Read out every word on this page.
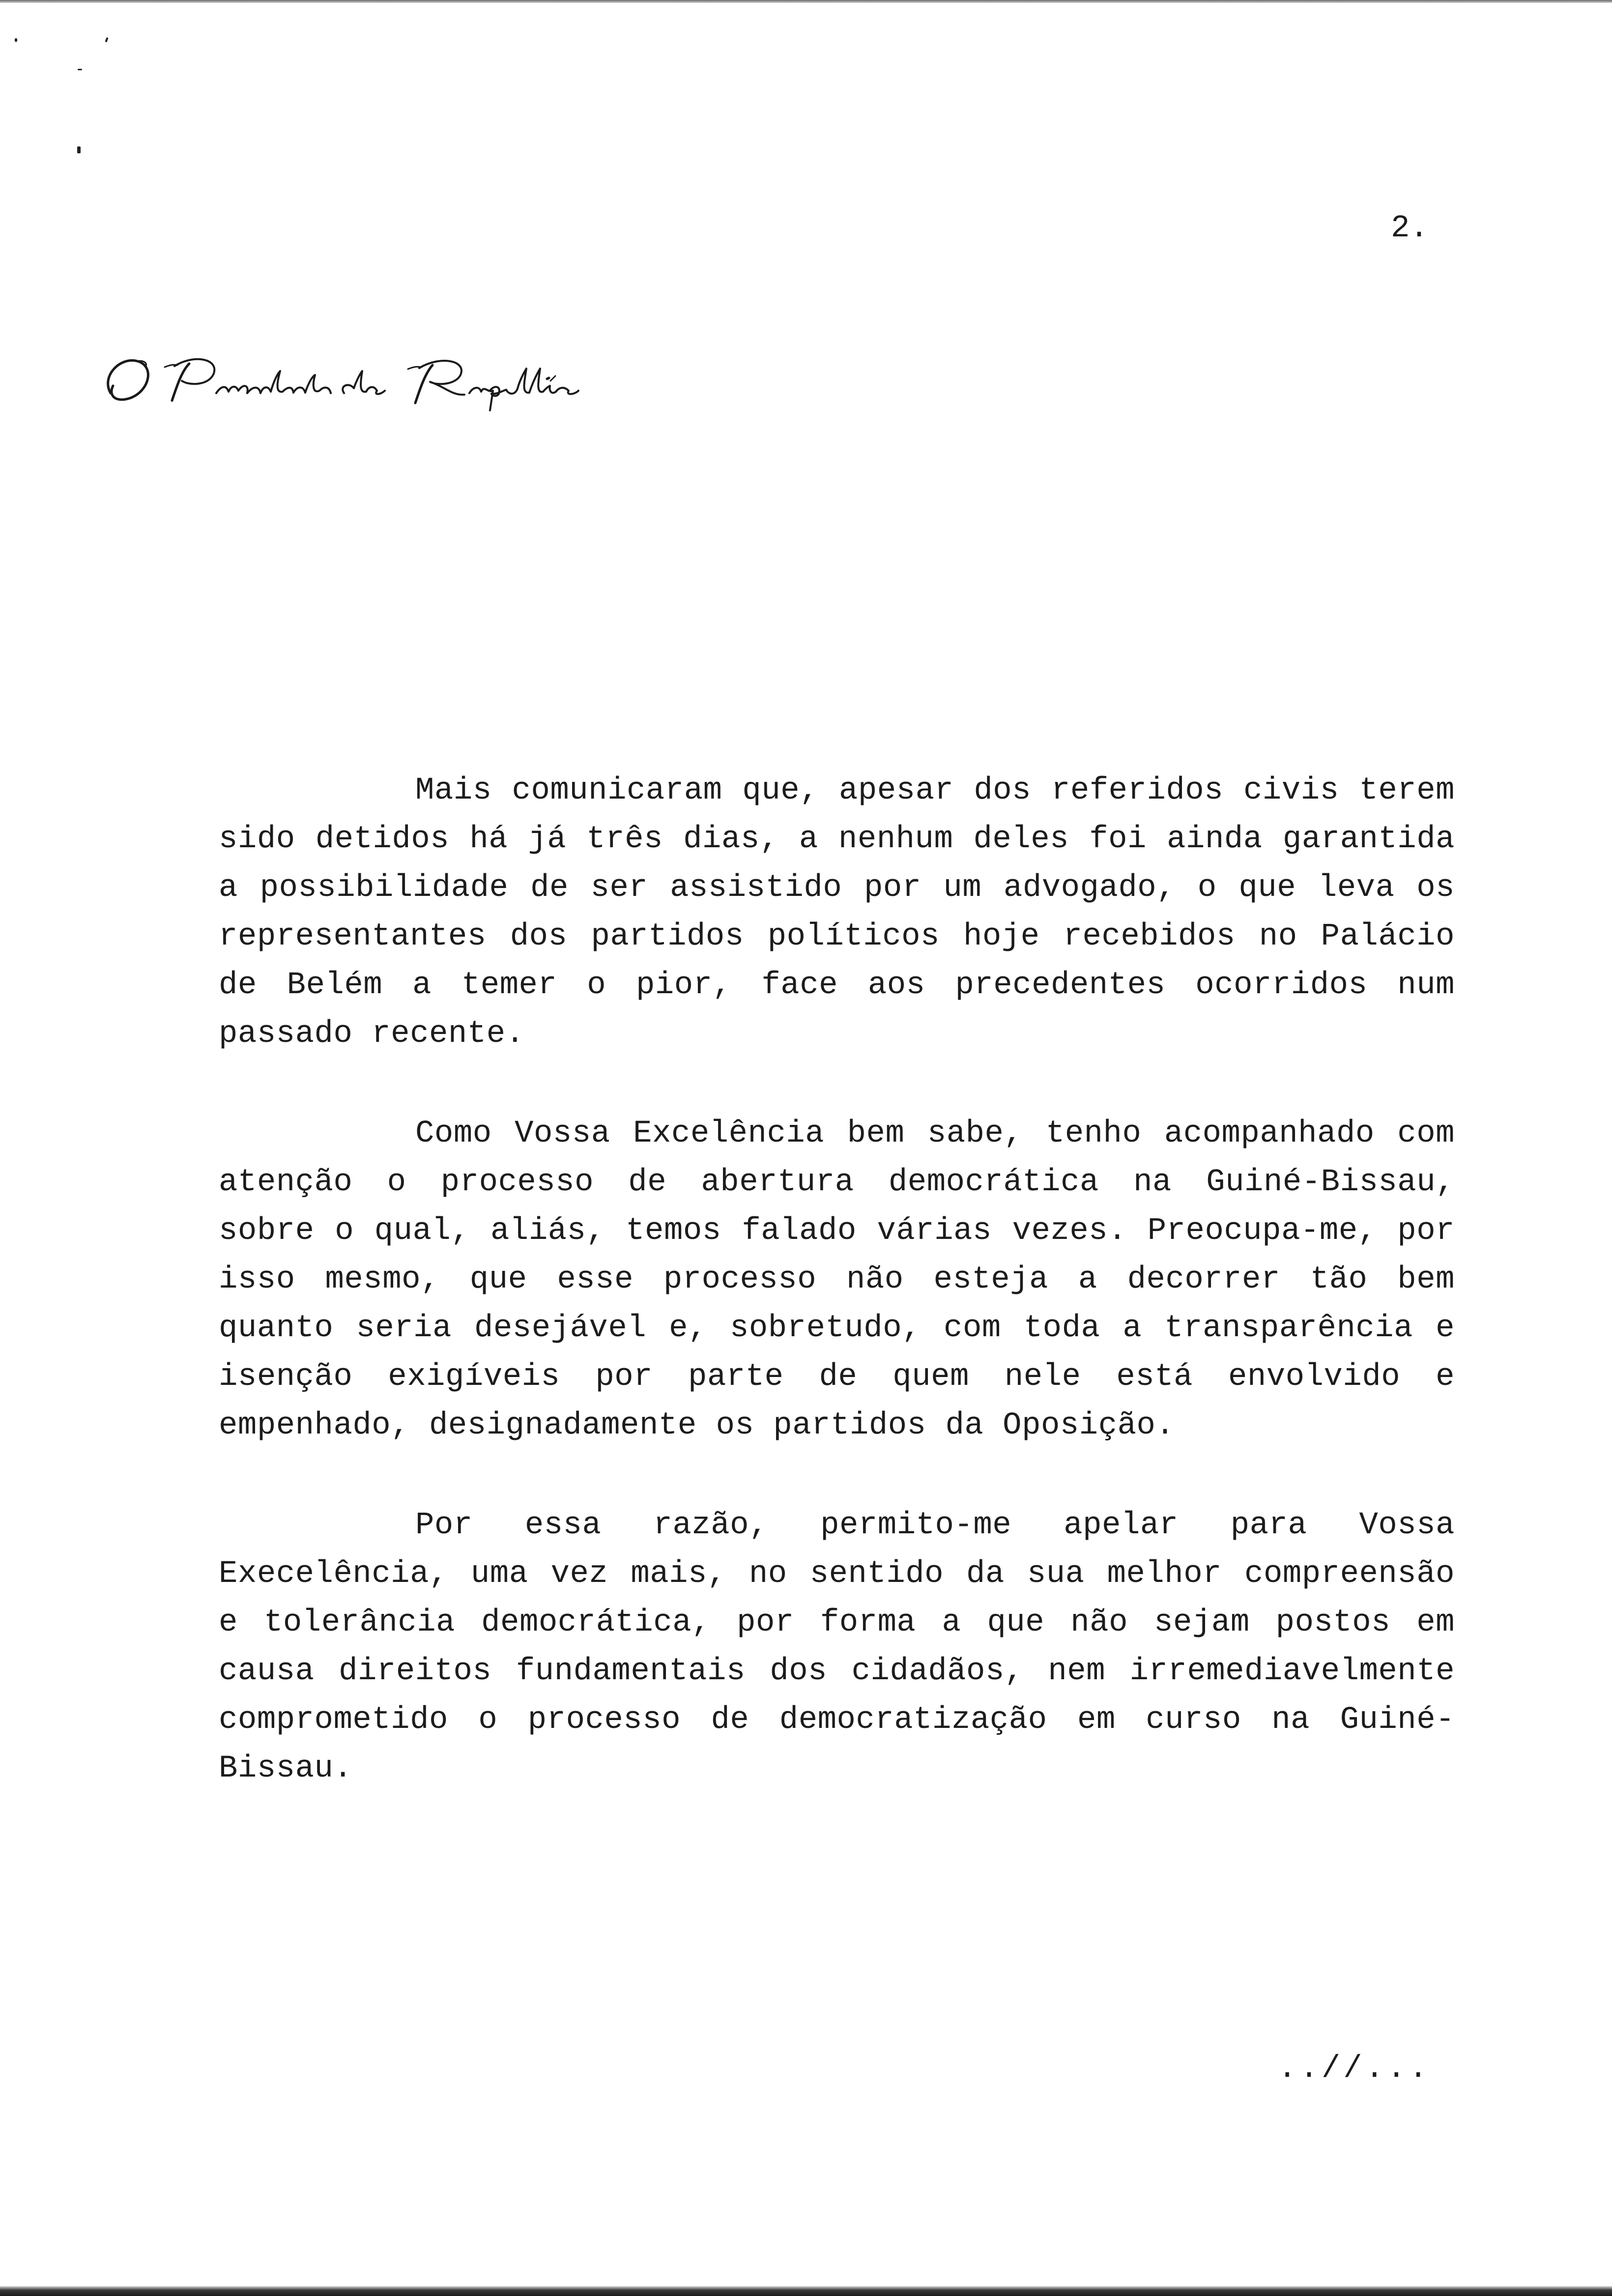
2.
Mais comunicaram que, apesar dos referidos civis terem sido detidos há já três dias, a nenhum deles foi ainda garantida a possibilidade de ser assistido por um advogado, o que leva os representantes dos partidos políticos hoje recebidos no Palácio de Belém a temer o pior, face aos precedentes ocorridos num passado recente.
Como Vossa Excelência bem sabe, tenho acompanhado com atenção o processo de abertura democrática na Guiné-Bissau, sobre o qual, aliás, temos falado várias vezes. Preocupa-me, por isso mesmo, que esse processo não esteja a decorrer tão bem quanto seria desejável e, sobretudo, com toda a transparência e isenção exigíveis por parte de quem nele está envolvido e empenhado, designadamente os partidos da Oposição.
Por essa razão, permito-me apelar para Vossa Execelência, uma vez mais, no sentido da sua melhor compreensão e tolerância democrática, por forma a que não sejam postos em causa direitos fundamentais dos cidadãos, nem irremediavelmente comprometido o processo de democratização em curso na Guiné-Bissau.
..//...
